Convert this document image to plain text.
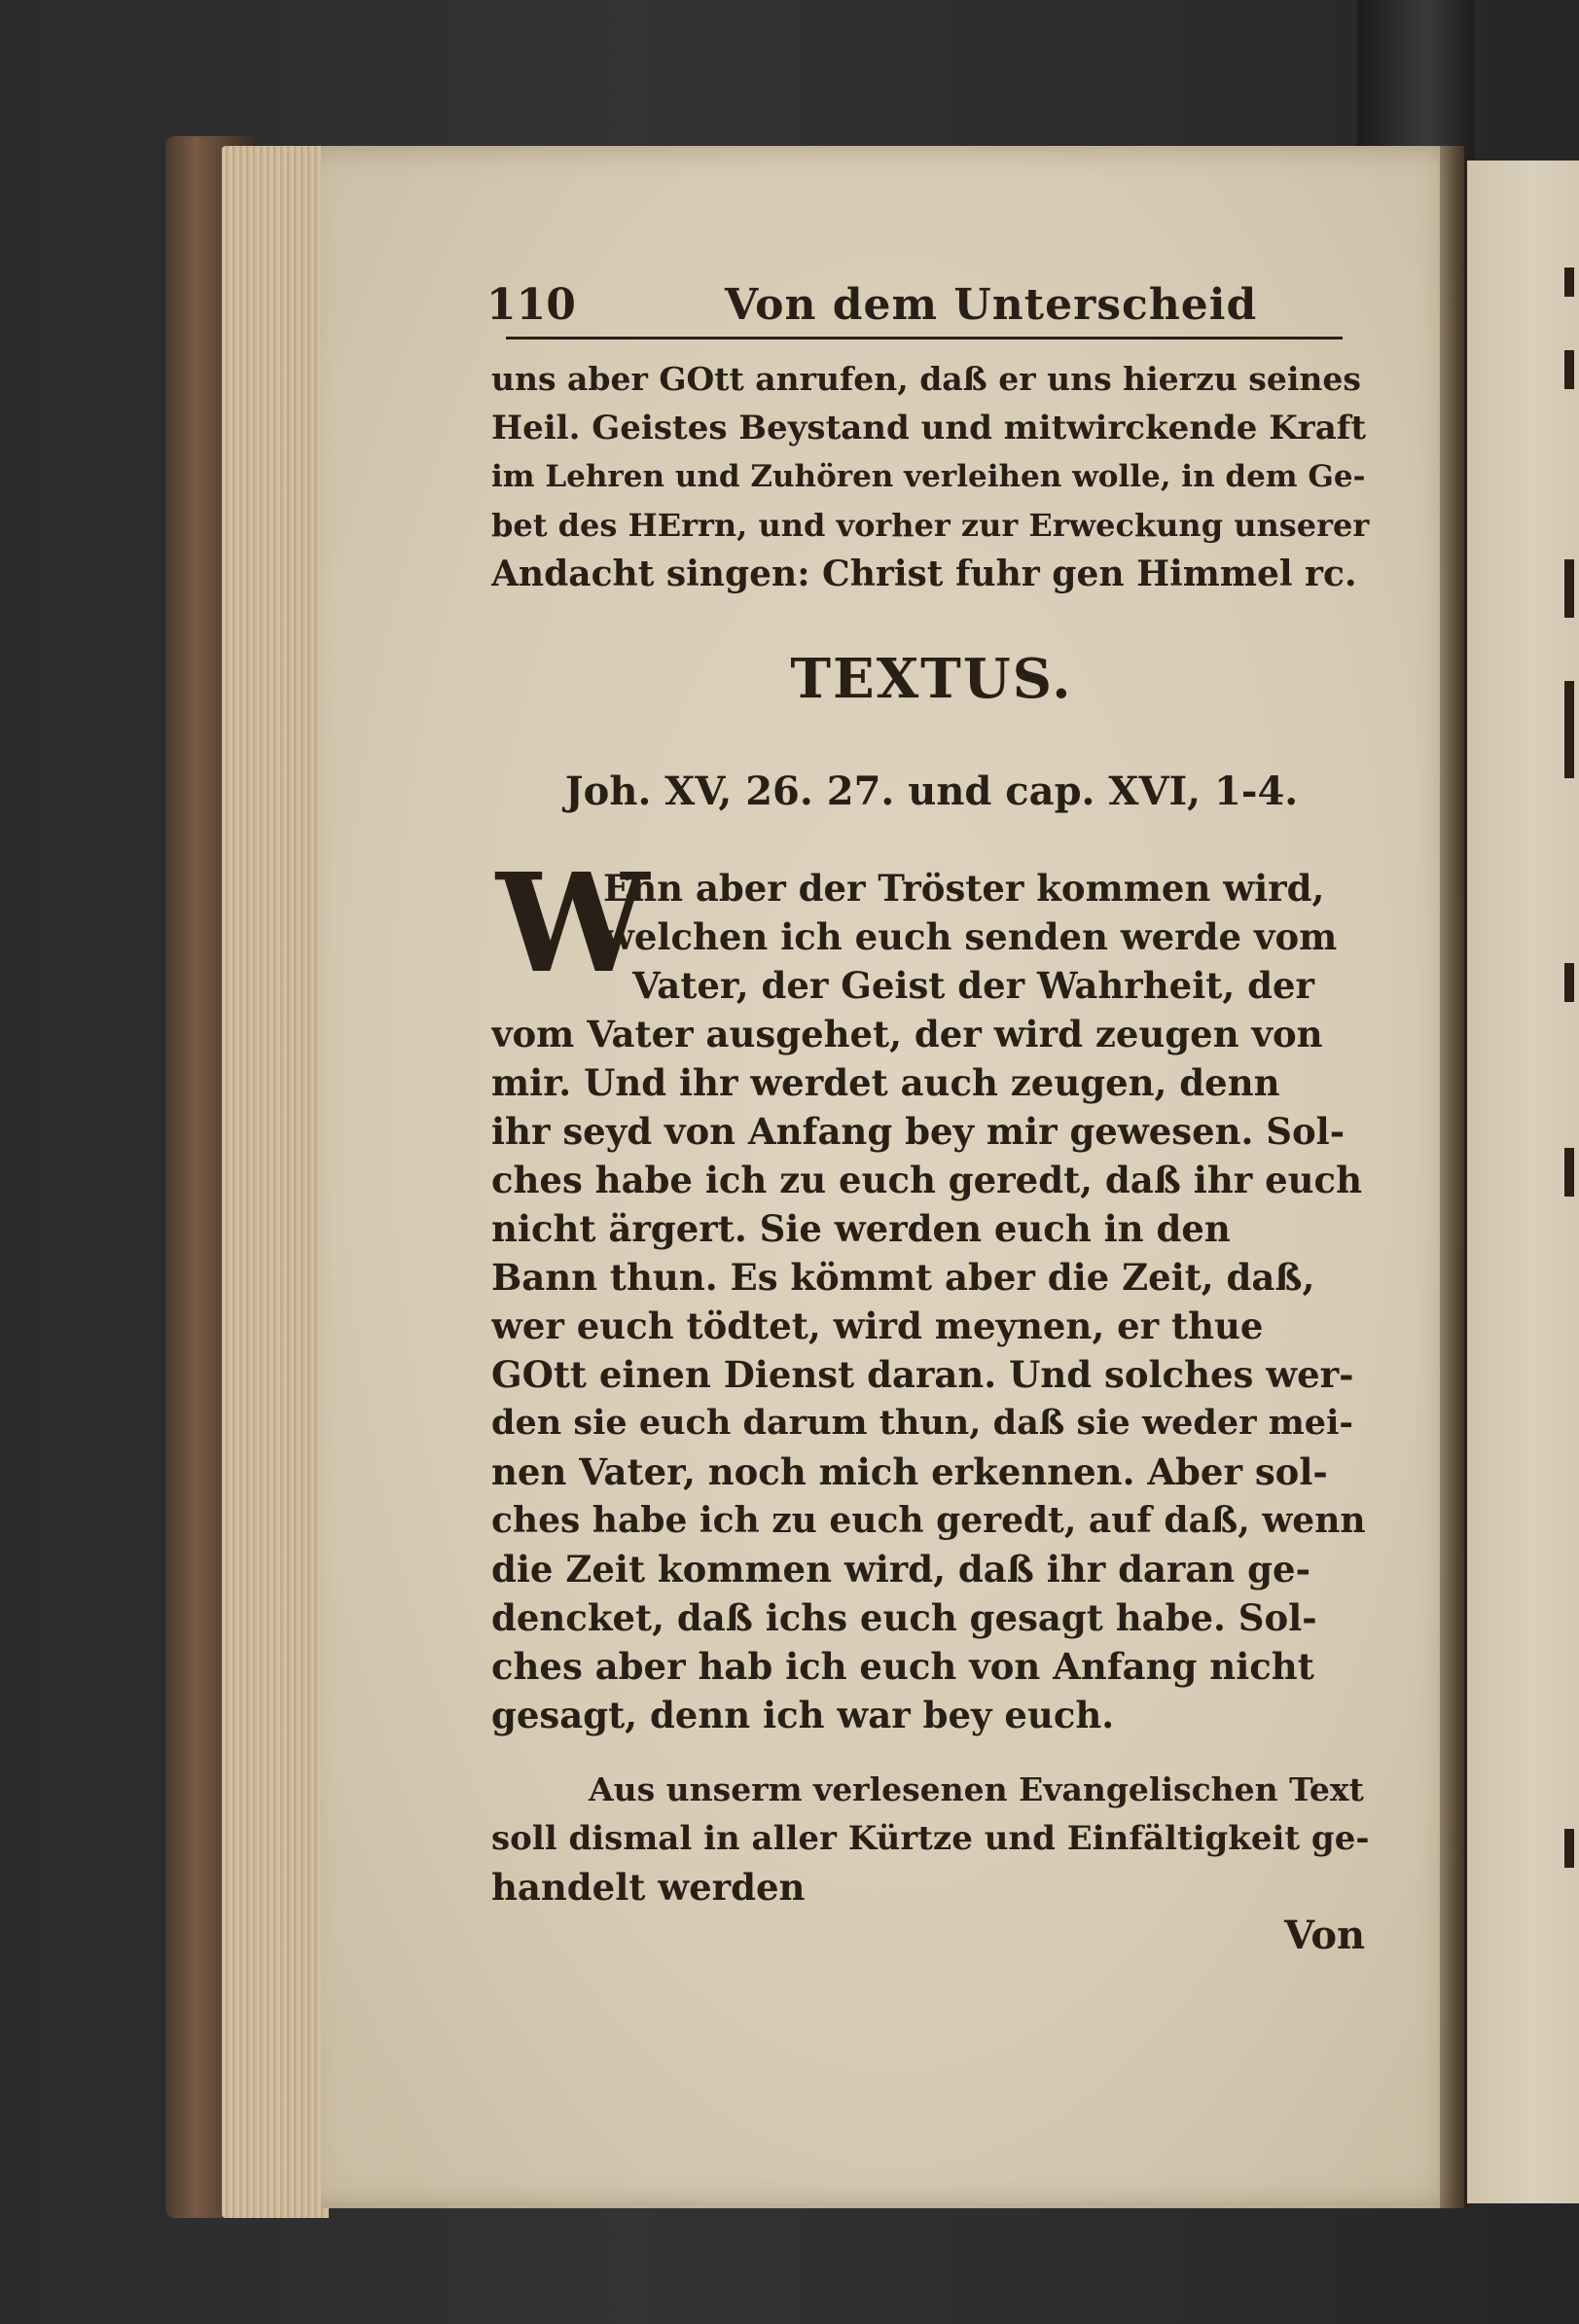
110	Von dem Unterscheid
uns aber GOtt anrufen, daß er uns hierzu seines
Heil. Geistes Beystand und mitwirckende Kraft
im Lehren und Zuhören verleihen wolle, in dem Ge-
bet des HErrn, und vorher zur Erweckung unserer
Andacht singen: Christ fuhr gen Himmel rc.
TEXTUS.
Joh. XV, 26. 27. und cap. XVI, 1-4.
W
Enn aber der Tröster kommen wird,
welchen ich euch senden werde vom
Vater, der Geist der Wahrheit, der
vom Vater ausgehet, der wird zeugen von
mir. Und ihr werdet auch zeugen, denn
ihr seyd von Anfang bey mir gewesen. Sol-
ches habe ich zu euch geredt, daß ihr euch
nicht ärgert. Sie werden euch in den
Bann thun. Es kömmt aber die Zeit, daß,
wer euch tödtet, wird meynen, er thue
GOtt einen Dienst daran. Und solches wer-
den sie euch darum thun, daß sie weder mei-
nen Vater, noch mich erkennen. Aber sol-
ches habe ich zu euch geredt, auf daß, wenn
die Zeit kommen wird, daß ihr daran ge-
dencket, daß ichs euch gesagt habe. Sol-
ches aber hab ich euch von Anfang nicht
gesagt, denn ich war bey euch.
Aus unserm verlesenen Evangelischen Text
soll dismal in aller Kürtze und Einfältigkeit ge-
handelt werden
Von
